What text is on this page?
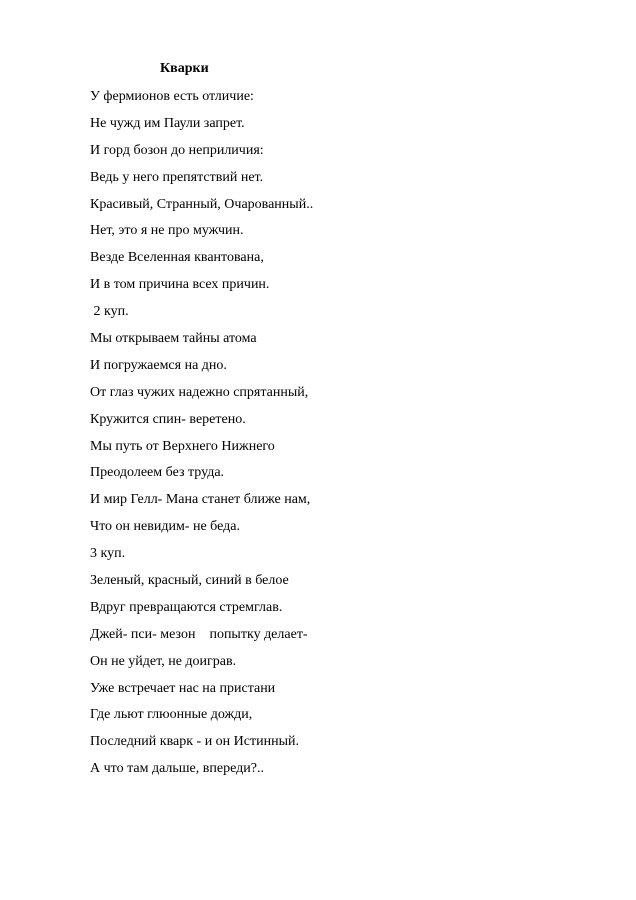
Кварки
У фермионов есть отличие:
Не чужд им Паули запрет.
И горд бозон до неприличия:
Ведь у него препятствий нет.
Красивый, Странный, Очарованный..
Нет, это я не про мужчин.
Везде Вселенная квантована,
И в том причина всех причин.
2 куп.
Мы открываем тайны атома
И погружаемся на дно.
От глаз чужих надежно спрятанный,
Кружится спин- веретено.
Мы путь от Верхнего Нижнего
Преодолеем без труда.
И мир Гелл- Мана станет ближе нам,
Что он невидим- не беда.
3 куп.
Зеленый, красный, синий в белое
Вдруг превращаются стремглав.
Джей- пси- мезон    попытку делает-
Он не уйдет, не доиграв.
Уже встречает нас на пристани
Где льют глюонные дожди,
Последний кварк - и он Истинный.
А что там дальше, впереди?..
